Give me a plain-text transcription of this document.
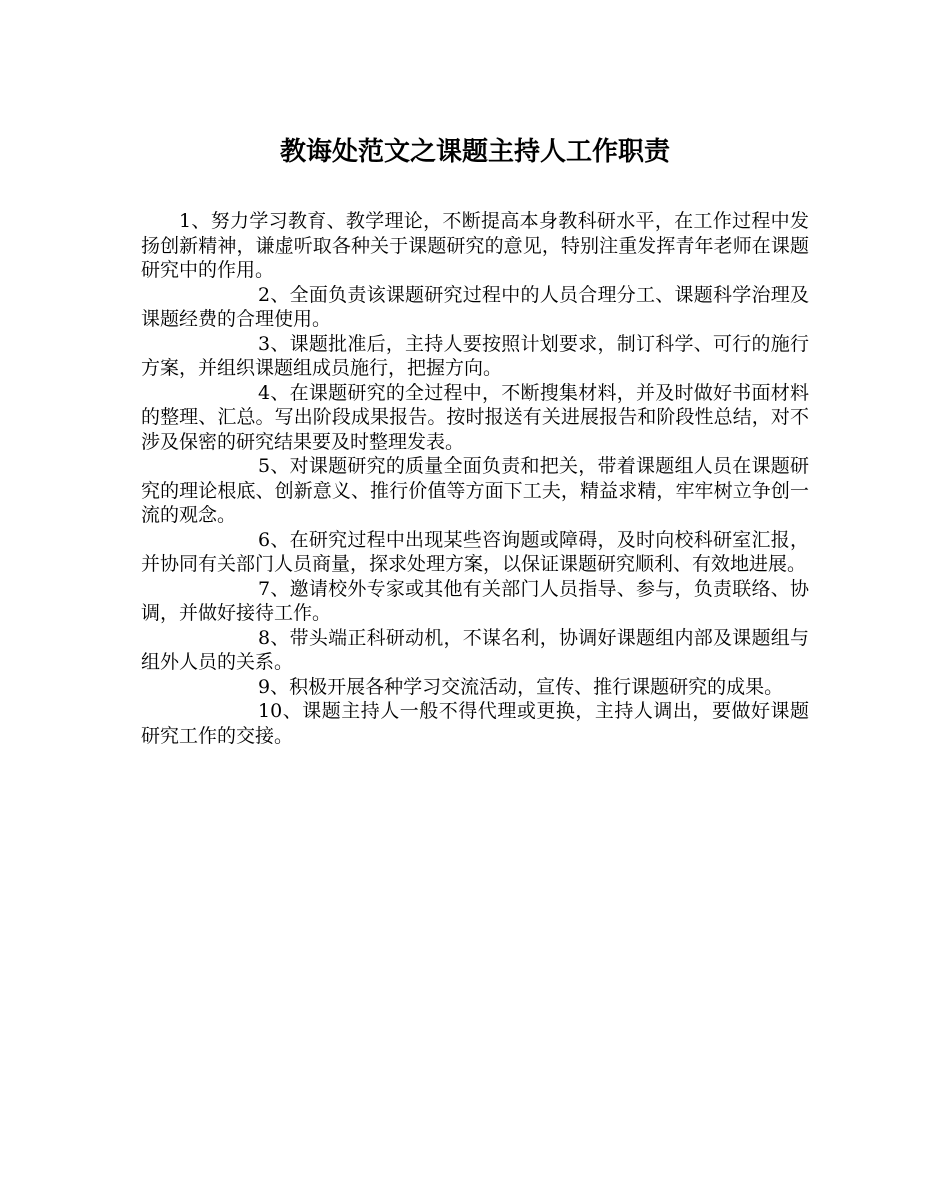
教诲处范文之课题主持人工作职责

1、努力学习教育、教学理论，不断提高本身教科研水平，在工作过程中发扬创新精神，谦虚听取各种关于课题研究的意见，特别注重发挥青年老师在课题研究中的作用。

2、全面负责该课题研究过程中的人员合理分工、课题科学治理及课题经费的合理使用。

3、课题批准后，主持人要按照计划要求，制订科学、可行的施行方案，并组织课题组成员施行，把握方向。

4、在课题研究的全过程中，不断搜集材料，并及时做好书面材料的整理、汇总。写出阶段成果报告。按时报送有关进展报告和阶段性总结，对不涉及保密的研究结果要及时整理发表。

5、对课题研究的质量全面负责和把关，带着课题组人员在课题研究的理论根底、创新意义、推行价值等方面下工夫，精益求精，牢牢树立争创一流的观念。

6、在研究过程中出现某些咨询题或障碍，及时向校科研室汇报，并协同有关部门人员商量，探求处理方案，以保证课题研究顺利、有效地进展。

7、邀请校外专家或其他有关部门人员指导、参与，负责联络、协调，并做好接待工作。

8、带头端正科研动机，不谋名利，协调好课题组内部及课题组与组外人员的关系。

9、积极开展各种学习交流活动，宣传、推行课题研究的成果。

10、课题主持人一般不得代理或更换，主持人调出，要做好课题研究工作的交接。
